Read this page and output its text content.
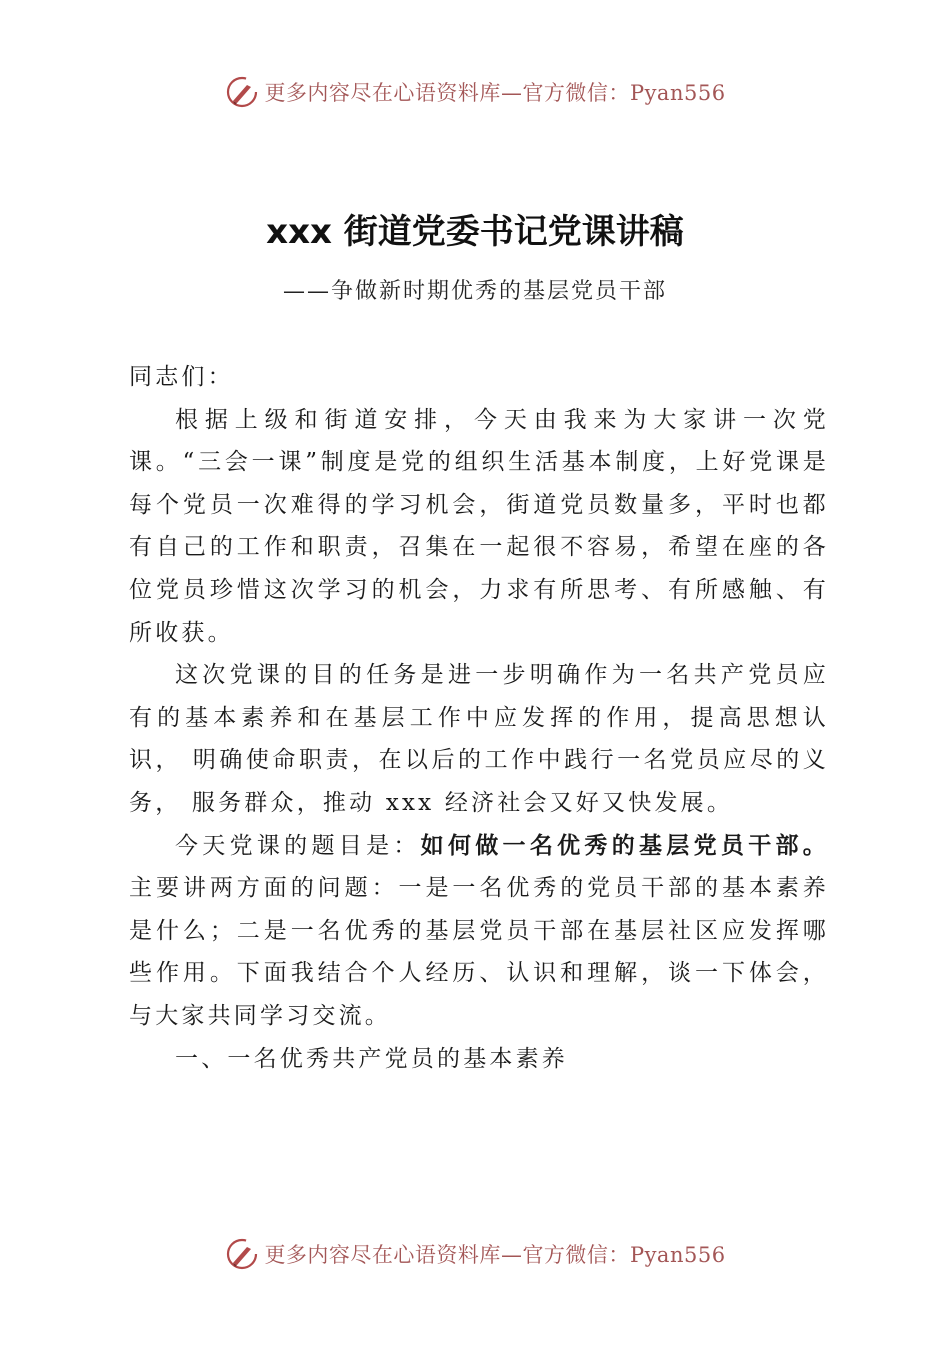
更多内容尽在心语资料库—官方微信：Pyan556
xxx 街道党委书记党课讲稿
——争做新时期优秀的基层党员干部

同志们：

根据上级和街道安排，今天由我来为大家讲一次党课。“三会一课”制度是党的组织生活基本制度，上好党课是每个党员一次难得的学习机会，街道党员数量多，平时也都有自己的工作和职责，召集在一起很不容易，希望在座的各位党员珍惜这次学习的机会，力求有所思考、有所感触、有所收获。

这次党课的目的任务是进一步明确作为一名共产党员应有的基本素养和在基层工作中应发挥的作用，提高思想认识， 明确使命职责，在以后的工作中践行一名党员应尽的义务， 服务群众，推动 xxx 经济社会又好又快发展。

今天党课的题目是：如何做一名优秀的基层党员干部。主要讲两方面的问题：一是一名优秀的党员干部的基本素养是什么；二是一名优秀的基层党员干部在基层社区应发挥哪些作用。下面我结合个人经历、认识和理解，谈一下体会，与大家共同学习交流。

一、一名优秀共产党员的基本素养

更多内容尽在心语资料库—官方微信：Pyan556
